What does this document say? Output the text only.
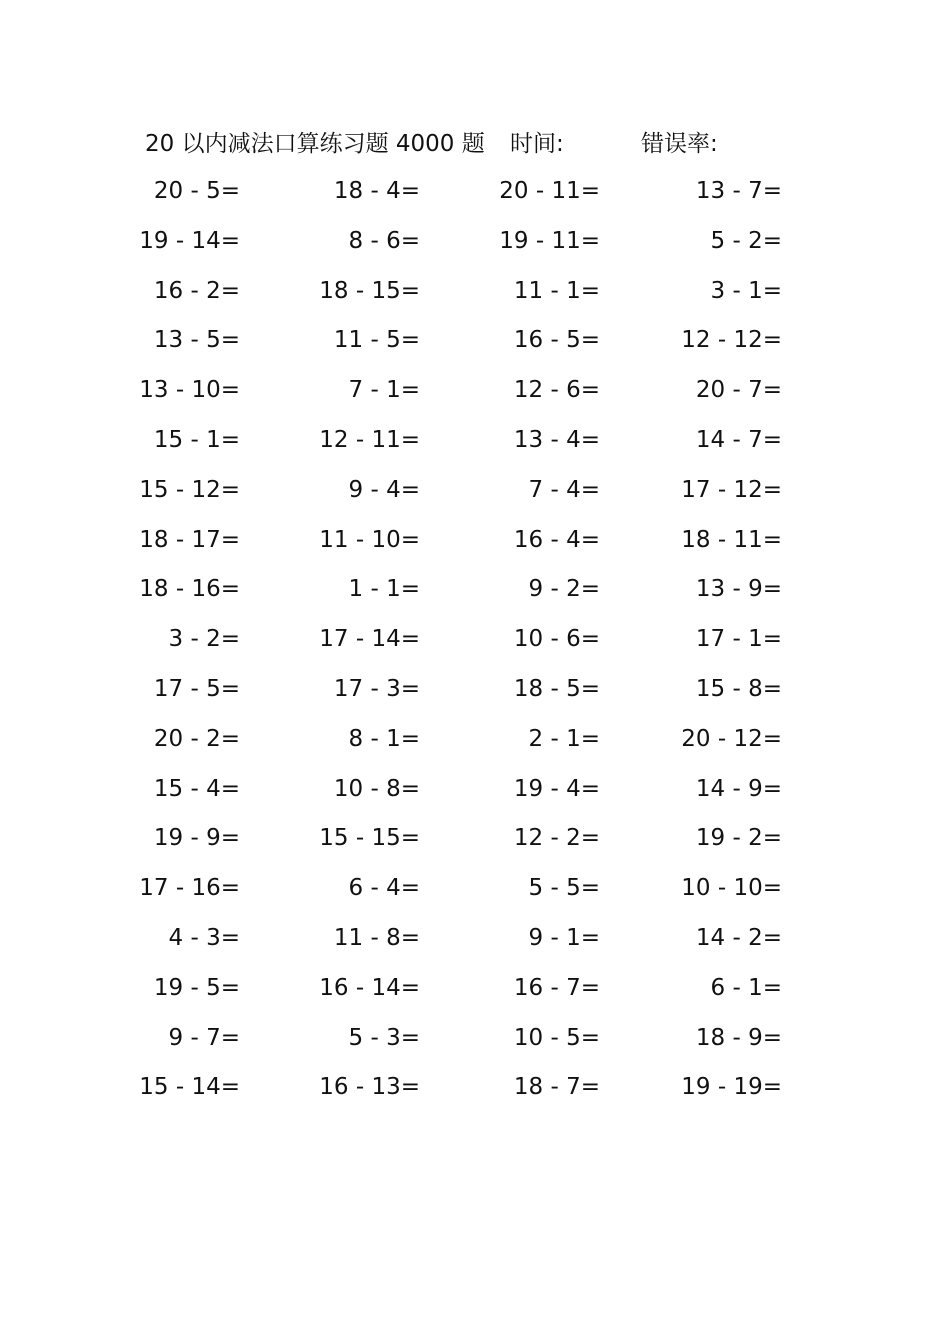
20 以内减法口算练习题 4000 题 时间:	错误率:
20 - 5=	18 - 4=	20 - 11=	13 - 7=
19 - 14=	8 - 6=	19 - 11=	5 - 2=
16 - 2=	18 - 15=	11 - 1=	3 - 1=
13 - 5=	11 - 5=	16 - 5=	12 - 12=
13 - 10=	7 - 1=	12 - 6=	20 - 7=
15 - 1=	12 - 11=	13 - 4=	14 - 7=
15 - 12=	9 - 4=	7 - 4=	17 - 12=
18 - 17=	11 - 10=	16 - 4=	18 - 11=
18 - 16=	1 - 1=	9 - 2=	13 - 9=
3 - 2=	17 - 14=	10 - 6=	17 - 1=
17 - 5=	17 - 3=	18 - 5=	15 - 8=
20 - 2=	8 - 1=	2 - 1=	20 - 12=
15 - 4=	10 - 8=	19 - 4=	14 - 9=
19 - 9=	15 - 15=	12 - 2=	19 - 2=
17 - 16=	6 - 4=	5 - 5=	10 - 10=
4 - 3=	11 - 8=	9 - 1=	14 - 2=
19 - 5=	16 - 14=	16 - 7=	6 - 1=
9 - 7=	5 - 3=	10 - 5=	18 - 9=
15 - 14=	16 - 13=	18 - 7=	19 - 19=
